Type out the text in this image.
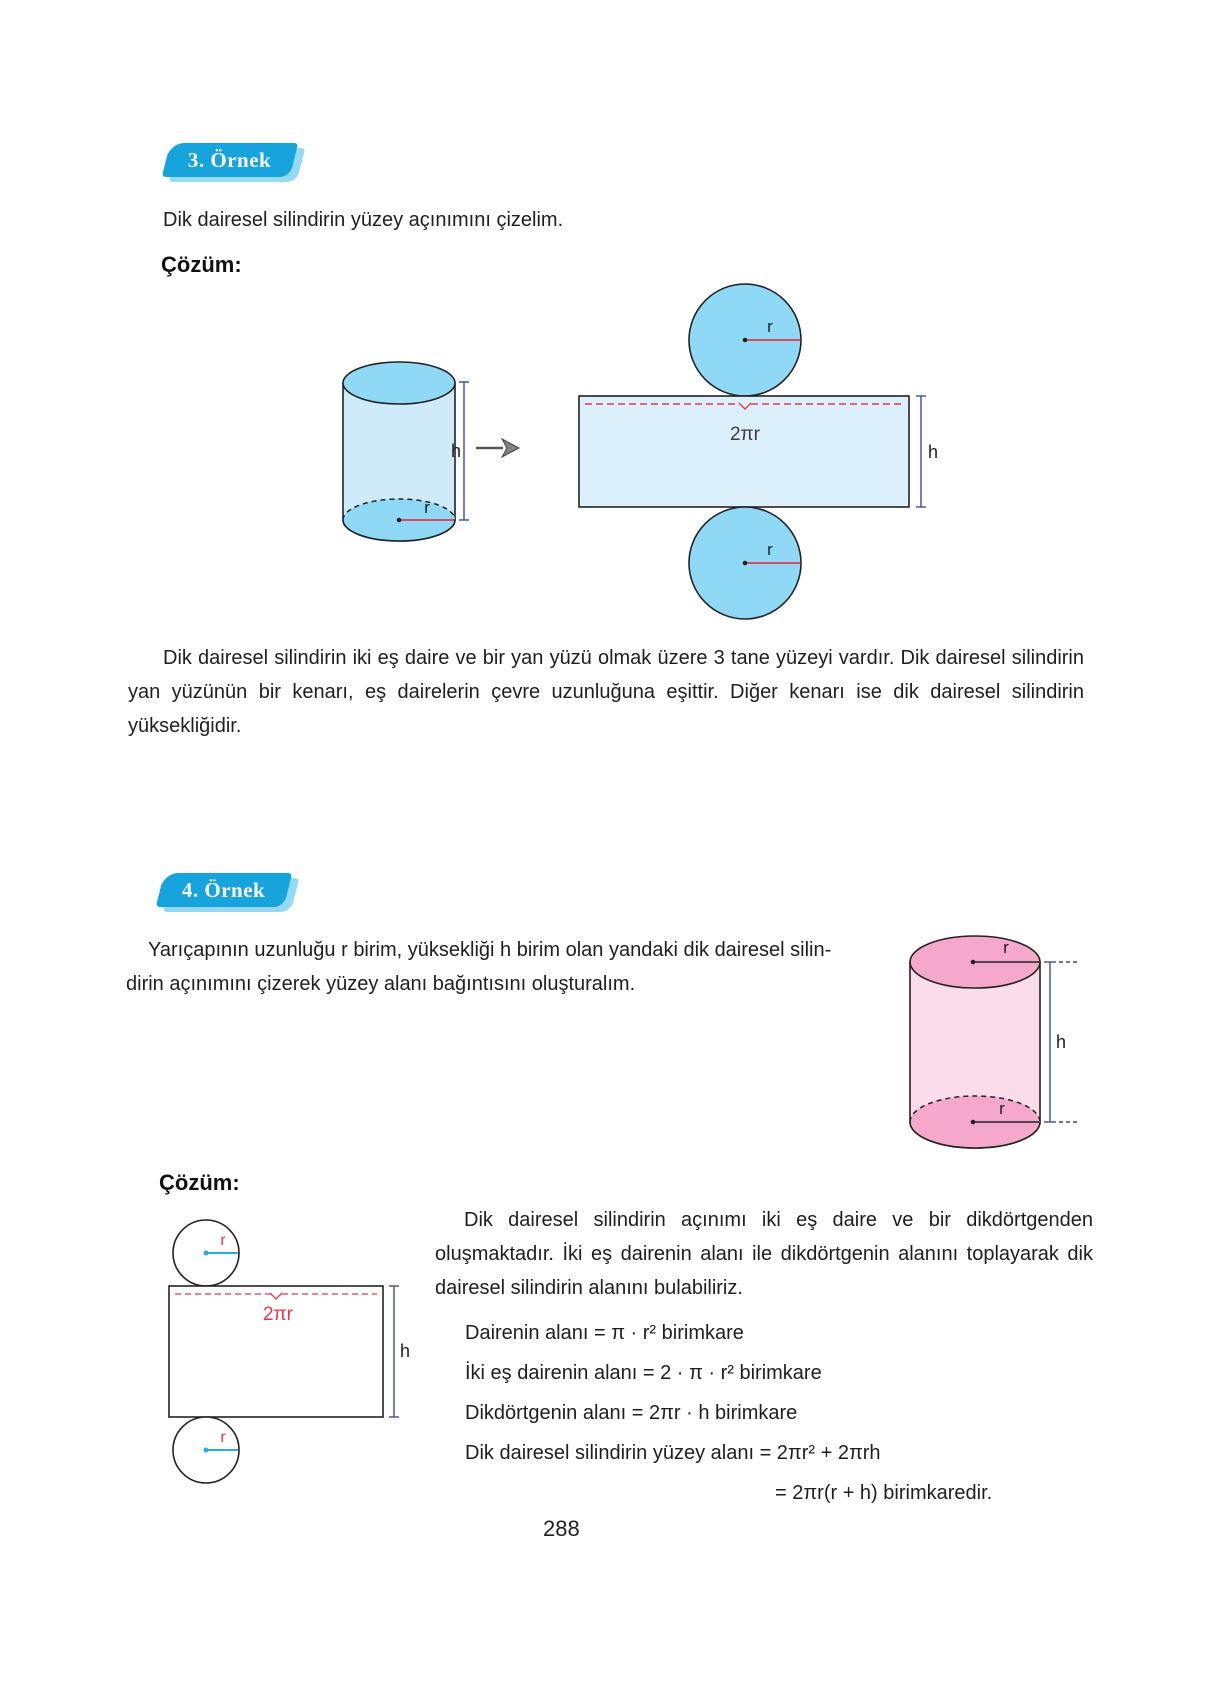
3. Örnek
Dik dairesel silindirin yüzey açınımını çizelim.
Çözüm:
r
h
r
2πr
h
r
Dik dairesel silindirin iki eş daire ve bir yan yüzü olmak üzere 3 tane yüzeyi vardır. Dik dairesel silindirin yan yüzünün bir kenarı, eş dairelerin çevre uzunluğuna eşittir. Diğer kenarı ise dik dairesel silindirin yüksekliğidir.
4. Örnek
Yarıçapının uzunluğu r birim, yüksekliği h birim olan yandaki dik dairesel silin-
dirin açınımını çizerek yüzey alanı bağıntısını oluşturalım.
r
r
h
Çözüm:
r
2πr
h
r
Dik dairesel silindirin açınımı iki eş daire ve bir dikdörtgenden oluşmaktadır. İki eş dairenin alanı ile dikdörtgenin alanını toplayarak dik dairesel silindirin alanını bulabiliriz.
Dairenin alanı = π · r² birimkare
İki eş dairenin alanı = 2 · π · r² birimkare
Dikdörtgenin alanı = 2πr · h birimkare
Dik dairesel silindirin yüzey alanı = 2πr² + 2πrh
= 2πr(r + h) birimkaredir.
288
